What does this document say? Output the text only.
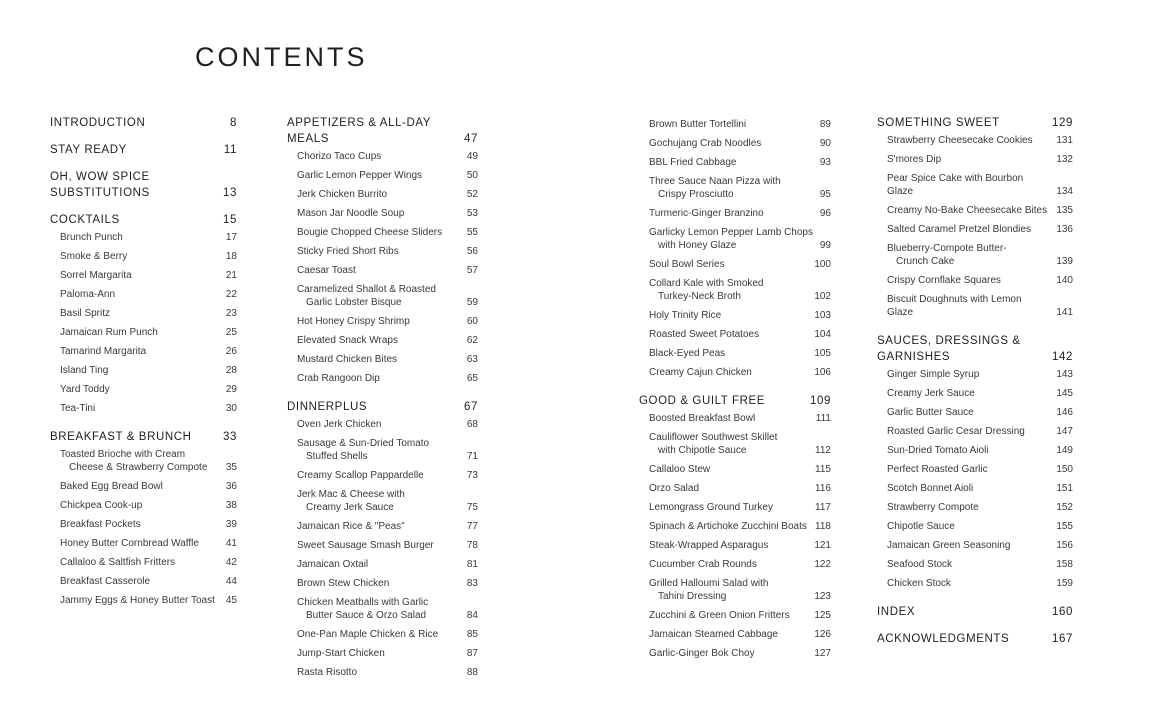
CONTENTS
INTRODUCTION	8
STAY READY	11
OH, WOW SPICE
SUBSTITUTIONS	13
COCKTAILS	15
Brunch Punch	17
Smoke & Berry	18
Sorrel Margarita	21
Paloma-Ann	22
Basil Spritz	23
Jamaican Rum Punch	25
Tamarind Margarita	26
Island Ting	28
Yard Toddy	29
Tea-Tini	30
BREAKFAST & BRUNCH	33
Toasted Brioche with Cream
Cheese & Strawberry Compote	35
Baked Egg Bread Bowl	36
Chickpea Cook-up	38
Breakfast Pockets	39
Honey Butter Cornbread Waffle	41
Callaloo & Saltfish Fritters	42
Breakfast Casserole	44
Jammy Eggs & Honey Butter Toast	45
APPETIZERS & ALL-DAY MEALS	47
Chorizo Taco Cups	49
Garlic Lemon Pepper Wings	50
Jerk Chicken Burrito	52
Mason Jar Noodle Soup	53
Bougie Chopped Cheese Sliders	55
Sticky Fried Short Ribs	56
Caesar Toast	57
Caramelized Shallot & Roasted
Garlic Lobster Bisque	59
Hot Honey Crispy Shrimp	60
Elevated Snack Wraps	62
Mustard Chicken Bites	63
Crab Rangoon Dip	65
DINNERPLUS	67
Oven Jerk Chicken	68
Sausage & Sun-Dried Tomato
Stuffed Shells	71
Creamy Scallop Pappardelle	73
Jerk Mac & Cheese with
Creamy Jerk Sauce	75
Jamaican Rice & "Peas"	77
Sweet Sausage Smash Burger	78
Jamaican Oxtail	81
Brown Stew Chicken	83
Chicken Meatballs with Garlic
Butter Sauce & Orzo Salad	84
One-Pan Maple Chicken & Rice	85
Jump-Start Chicken	87
Rasta Risotto	88
Brown Butter Tortellini	89
Gochujang Crab Noodles	90
BBL Fried Cabbage	93
Three Sauce Naan Pizza with
Crispy Prosciutto	95
Turmeric-Ginger Branzino	96
Garlicky Lemon Pepper Lamb Chops
with Honey Glaze	99
Soul Bowl Series	100
Collard Kale with Smoked
Turkey-Neck Broth	102
Holy Trinity Rice	103
Roasted Sweet Potatoes	104
Black-Eyed Peas	105
Creamy Cajun Chicken	106
GOOD & GUILT FREE	109
Boosted Breakfast Bowl	111
Cauliflower Southwest Skillet
with Chipotle Sauce	112
Callaloo Stew	115
Orzo Salad	116
Lemongrass Ground Turkey	117
Spinach & Artichoke Zucchini Boats 118
Steak-Wrapped Asparagus	121
Cucumber Crab Rounds	122
Grilled Halloumi Salad with
Tahini Dressing	123
Zucchini & Green Onion Fritters	125
Jamaican Steamed Cabbage	126
Garlic-Ginger Bok Choy	127
SOMETHING SWEET	129
Strawberry Cheesecake Cookies	131
S'mores Dip	132
Pear Spice Cake with Bourbon Glaze	134
Creamy No-Bake Cheesecake Bites 135
Salted Caramel Pretzel Blondies	136
Blueberry-Compote Butter-
Crunch Cake	139
Crispy Cornflake Squares	140
Biscuit Doughnuts with Lemon Glaze	141
SAUCES, DRESSINGS &
GARNISHES	142
Ginger Simple Syrup	143
Creamy Jerk Sauce	145
Garlic Butter Sauce	146
Roasted Garlic Cesar Dressing	147
Sun-Dried Tomato Aioli	149
Perfect Roasted Garlic	150
Scotch Bonnet Aioli	151
Strawberry Compote	152
Chipotle Sauce	155
Jamaican Green Seasoning	156
Seafood Stock	158
Chicken Stock	159
INDEX	160
ACKNOWLEDGMENTS	167
